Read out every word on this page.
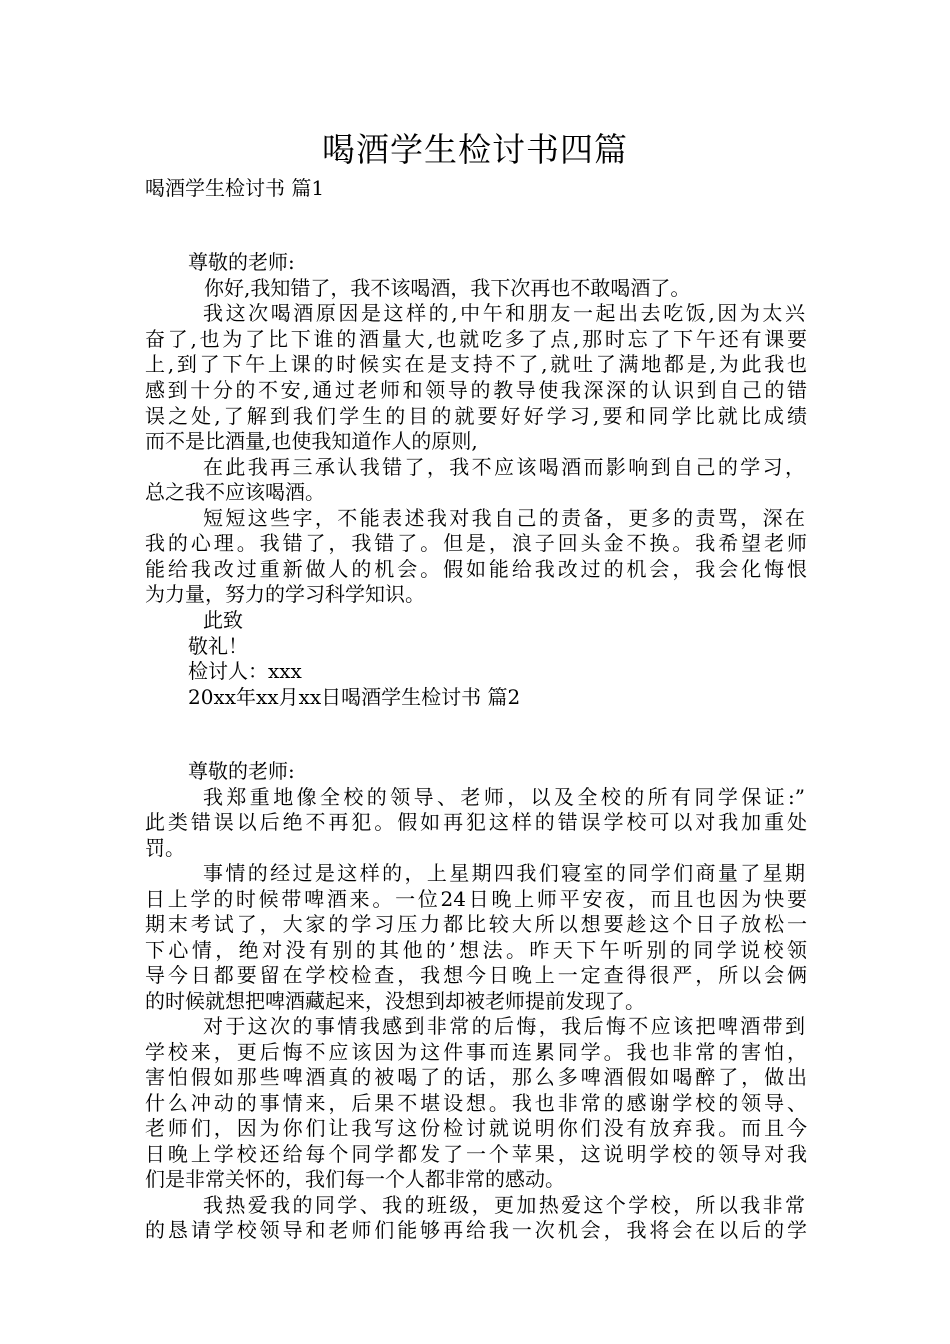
喝酒学生检讨书四篇
喝酒学生检讨书 篇1
尊敬的老师:
你好,我知错了，我不该喝酒，我下次再也不敢喝酒了。
我这次喝酒原因是这样的,中午和朋友一起出去吃饭,因为太兴
奋了,也为了比下谁的酒量大,也就吃多了点,那时忘了下午还有课要
上,到了下午上课的时候实在是支持不了,就吐了满地都是,为此我也
感到十分的不安,通过老师和领导的教导使我深深的认识到自己的错
误之处,了解到我们学生的目的就要好好学习,要和同学比就比成绩
而不是比酒量,也使我知道作人的原则,
在此我再三承认我错了，我不应该喝酒而影响到自己的学习，
总之我不应该喝酒。
短短这些字，不能表述我对我自己的责备，更多的责骂，深在
我的心理。我错了，我错了。但是，浪子回头金不换。我希望老师
能给我改过重新做人的机会。假如能给我改过的机会，我会化悔恨
为力量，努力的学习科学知识。
此致
敬礼！
检讨人：xxx
20xx年xx月xx日喝酒学生检讨书 篇2
尊敬的老师:
我郑重地像全校的领导、老师，以及全校的所有同学保证:”
此类错误以后绝不再犯。假如再犯这样的错误学校可以对我加重处
罚。
事情的经过是这样的，上星期四我们寝室的同学们商量了星期
日上学的时候带啤酒来。一位24日晚上师平安夜，而且也因为快要
期末考试了，大家的学习压力都比较大所以想要趁这个日子放松一
下心情，绝对没有别的其他的’想法。昨天下午听别的同学说校领
导今日都要留在学校检查，我想今日晚上一定查得很严，所以会俩
的时候就想把啤酒藏起来，没想到却被老师提前发现了。
对于这次的事情我感到非常的后悔，我后悔不应该把啤酒带到
学校来，更后悔不应该因为这件事而连累同学。我也非常的害怕，
害怕假如那些啤酒真的被喝了的话，那么多啤酒假如喝醉了，做出
什么冲动的事情来，后果不堪设想。我也非常的感谢学校的领导、
老师们，因为你们让我写这份检讨就说明你们没有放弃我。而且今
日晚上学校还给每个同学都发了一个苹果，这说明学校的领导对我
们是非常关怀的，我们每一个人都非常的感动。
我热爱我的同学、我的班级，更加热爱这个学校，所以我非常
的恳请学校领导和老师们能够再给我一次机会，我将会在以后的学
